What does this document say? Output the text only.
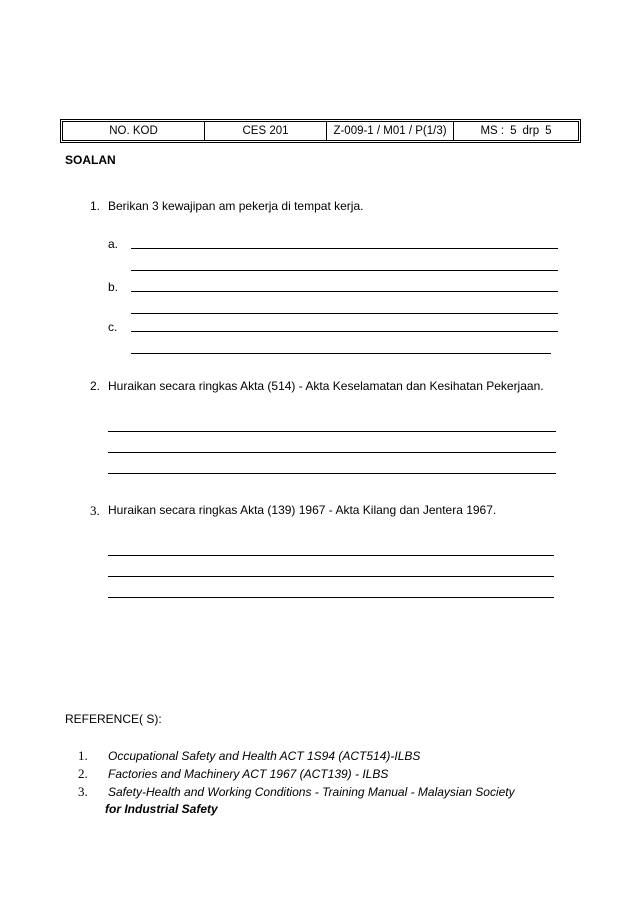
NO. KOD	CES 201	Z-009-1 / M01 / P(1/3)	MS : 5 drp 5
SOALAN
1. Berikan 3 kewajipan am pekerja di tempat kerja.
a.
b.
c.
2. Huraikan secara ringkas Akta (514) - Akta Keselamatan dan Kesihatan Pekerjaan.
3. Huraikan secara ringkas Akta (139) 1967 - Akta Kilang dan Jentera 1967.
REFERENCE( S):
1. Occupational Safety and Health ACT 1S94 (ACT514)-ILBS
2. Factories and Machinery ACT 1967 (ACT139) - ILBS
3. Safety-Health and Working Conditions - Training Manual - Malaysian Society
for Industrial Safety
